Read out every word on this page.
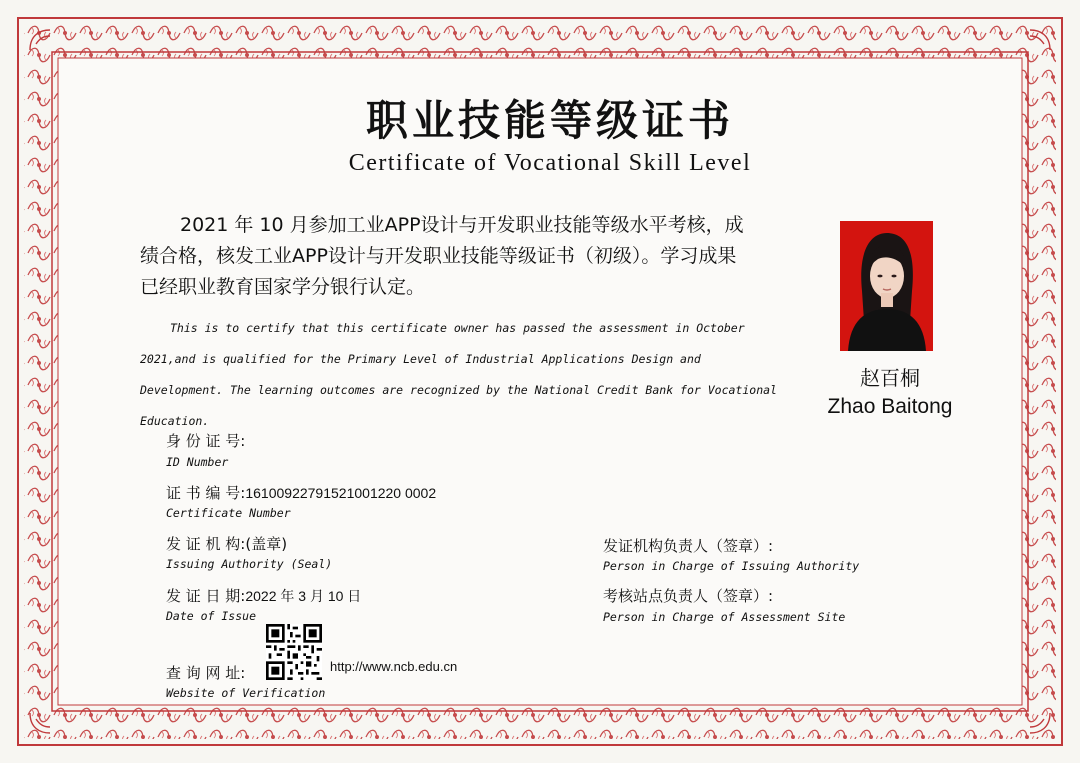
职业技能等级证书
Certificate of Vocational Skill Level
2021 年 10 月参加工业APP设计与开发职业技能等级水平考核，成
绩合格，核发工业APP设计与开发职业技能等级证书（初级）。学习成果
已经职业教育国家学分银行认定。
This is to certify that this certificate owner has passed the assessment in October
2021,and is qualified for the Primary Level of Industrial Applications Design and
Development. The learning outcomes are recognized by the National Credit Bank for Vocational
Education.
赵百桐
Zhao Baitong
身 份 证 号:
ID Number
证 书 编 号:16100922791521001220 0002
Certificate Number
发 证 机 构:(盖章)
Issuing Authority (Seal)
发 证 日 期:2022 年 3 月 10 日
Date of Issue
查 询 网 址:
Website of Verification
http://www.ncb.edu.cn
发证机构负责人（签章）:
Person in Charge of Issuing Authority
考核站点负责人（签章）:
Person in Charge of Assessment Site
